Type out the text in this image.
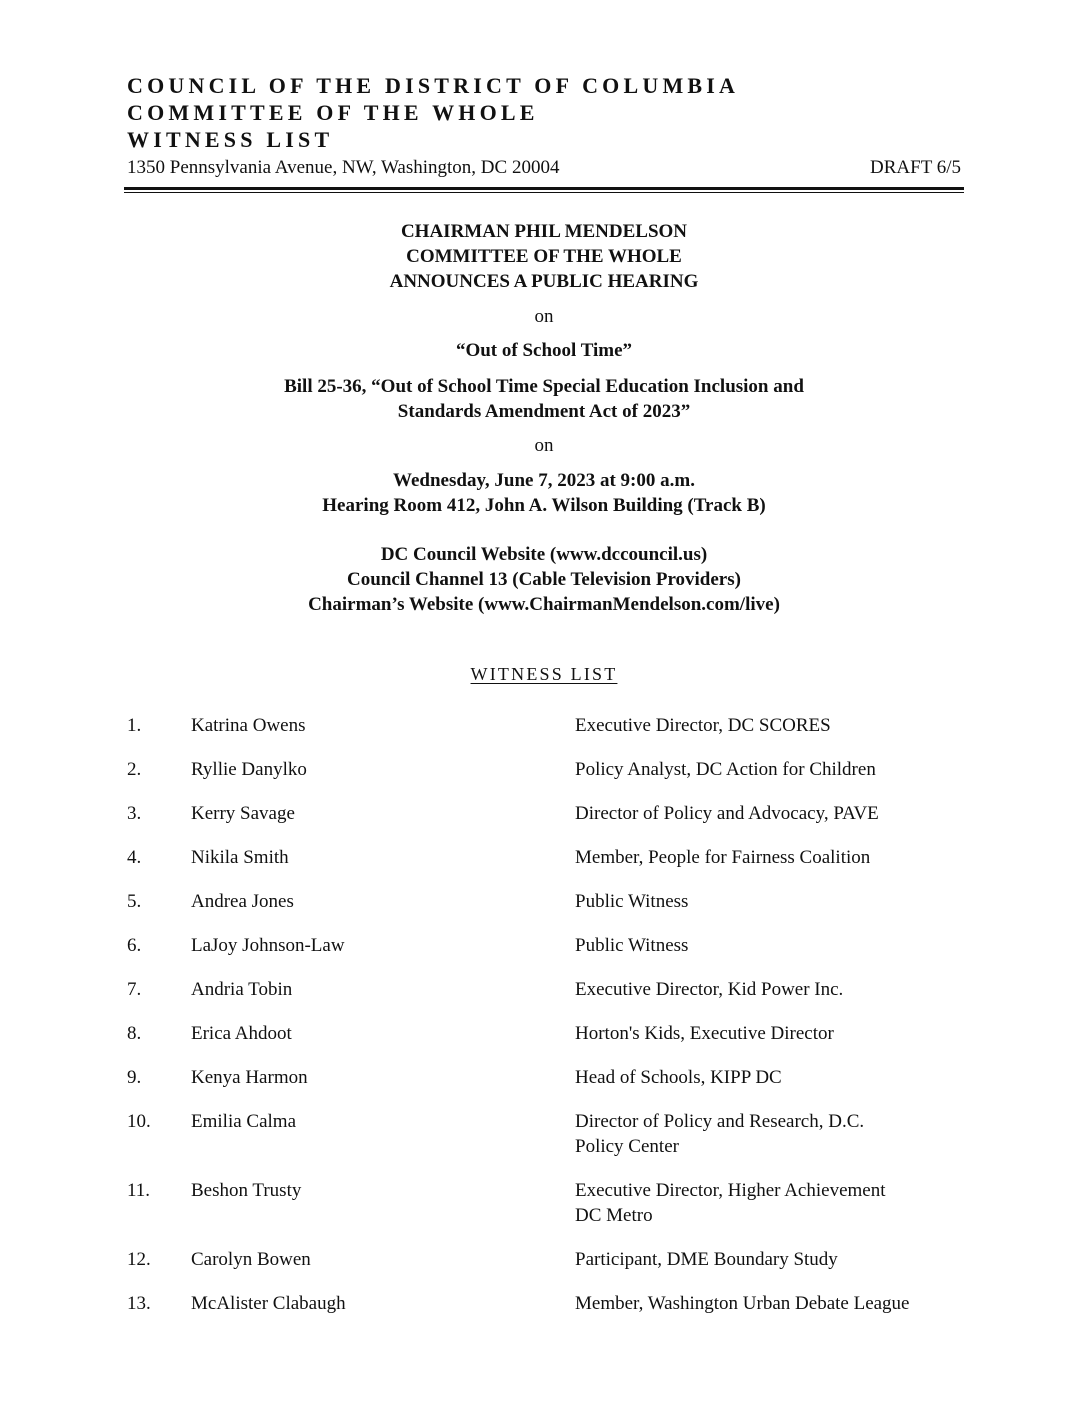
COUNCIL OF THE DISTRICT OF COLUMBIA
COMMITTEE OF THE WHOLE
WITNESS LIST
1350 Pennsylvania Avenue, NW, Washington, DC 20004	DRAFT 6/5
CHAIRMAN PHIL MENDELSON
COMMITTEE OF THE WHOLE
ANNOUNCES A PUBLIC HEARING
on
“Out of School Time”
Bill 25-36, “Out of School Time Special Education Inclusion and
Standards Amendment Act of 2023”
on
Wednesday, June 7, 2023 at 9:00 a.m.
Hearing Room 412, John A. Wilson Building (Track B)
DC Council Website (www.dccouncil.us)
Council Channel 13 (Cable Television Providers)
Chairman’s Website (www.ChairmanMendelson.com/live)
WITNESS LIST
1.	Katrina Owens	Executive Director, DC SCORES
2.	Ryllie Danylko	Policy Analyst, DC Action for Children
3.	Kerry Savage	Director of Policy and Advocacy, PAVE
4.	Nikila Smith	Member, People for Fairness Coalition
5.	Andrea Jones	Public Witness
6.	LaJoy Johnson-Law	Public Witness
7.	Andria Tobin	Executive Director, Kid Power Inc.
8.	Erica Ahdoot	Horton's Kids, Executive Director
9.	Kenya Harmon	Head of Schools, KIPP DC
10. Emilia Calma	Director of Policy and Research, D.C.
Policy Center
11. Beshon Trusty	Executive Director, Higher Achievement
DC Metro
12. Carolyn Bowen	Participant, DME Boundary Study
13. McAlister Clabaugh	Member, Washington Urban Debate League
